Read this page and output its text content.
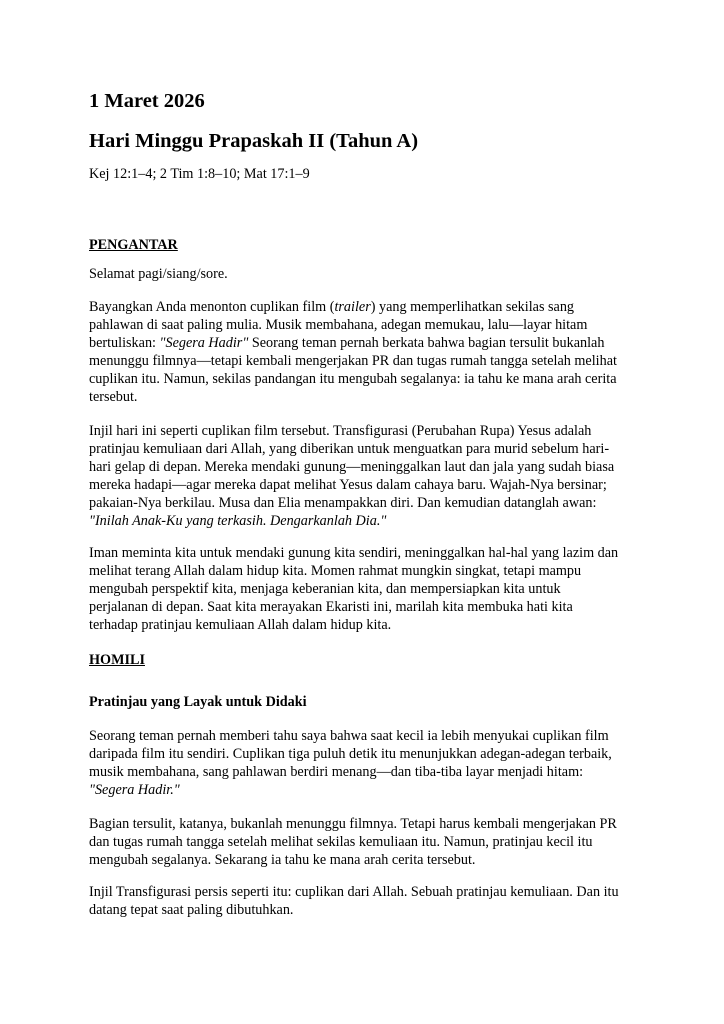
1 Maret 2026
Hari Minggu Prapaskah II (Tahun A)

Kej 12:1–4; 2 Tim 1:8–10; Mat 17:1–9

PENGANTAR

Selamat pagi/siang/sore.

Bayangkan Anda menonton cuplikan film (trailer) yang memperlihatkan sekilas sang
pahlawan di saat paling mulia. Musik membahana, adegan memukau, lalu—layar hitam
bertuliskan: "Segera Hadir" Seorang teman pernah berkata bahwa bagian tersulit bukanlah
menunggu filmnya—tetapi kembali mengerjakan PR dan tugas rumah tangga setelah melihat
cuplikan itu. Namun, sekilas pandangan itu mengubah segalanya: ia tahu ke mana arah cerita
tersebut.

Injil hari ini seperti cuplikan film tersebut. Transfigurasi (Perubahan Rupa) Yesus adalah
pratinjau kemuliaan dari Allah, yang diberikan untuk menguatkan para murid sebelum hari-
hari gelap di depan. Mereka mendaki gunung—meninggalkan laut dan jala yang sudah biasa
mereka hadapi—agar mereka dapat melihat Yesus dalam cahaya baru. Wajah-Nya bersinar;
pakaian-Nya berkilau. Musa dan Elia menampakkan diri. Dan kemudian datanglah awan:
"Inilah Anak-Ku yang terkasih. Dengarkanlah Dia."

Iman meminta kita untuk mendaki gunung kita sendiri, meninggalkan hal-hal yang lazim dan
melihat terang Allah dalam hidup kita. Momen rahmat mungkin singkat, tetapi mampu
mengubah perspektif kita, menjaga keberanian kita, dan mempersiapkan kita untuk
perjalanan di depan. Saat kita merayakan Ekaristi ini, marilah kita membuka hati kita
terhadap pratinjau kemuliaan Allah dalam hidup kita.

HOMILI
Pratinjau yang Layak untuk Didaki

Seorang teman pernah memberi tahu saya bahwa saat kecil ia lebih menyukai cuplikan film
daripada film itu sendiri. Cuplikan tiga puluh detik itu menunjukkan adegan-adegan terbaik,
musik membahana, sang pahlawan berdiri menang—dan tiba-tiba layar menjadi hitam:
"Segera Hadir."

Bagian tersulit, katanya, bukanlah menunggu filmnya. Tetapi harus kembali mengerjakan PR
dan tugas rumah tangga setelah melihat sekilas kemuliaan itu. Namun, pratinjau kecil itu
mengubah segalanya. Sekarang ia tahu ke mana arah cerita tersebut.

Injil Transfigurasi persis seperti itu: cuplikan dari Allah. Sebuah pratinjau kemuliaan. Dan itu
datang tepat saat paling dibutuhkan.
